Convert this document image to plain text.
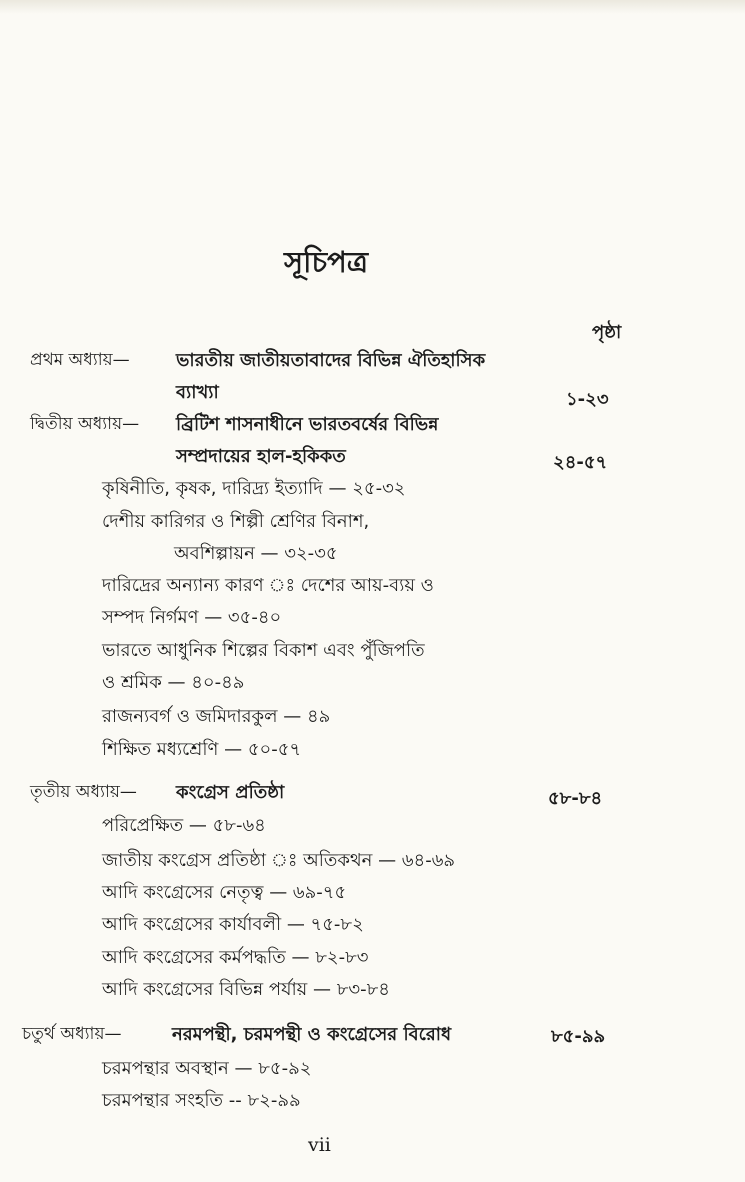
সূচিপত্র
পৃষ্ঠা
প্রথম অধ্যায়—	ভারতীয় জাতীয়তাবাদের বিভিন্ন ঐতিহাসিক
ব্যাখ্যা	১-২৩
দ্বিতীয় অধ্যায়— ব্রিটিশ শাসনাধীনে ভারতবর্ষের বিভিন্ন
সম্প্রদায়ের হাল-হকিকত	২৪-৫৭
কৃষিনীতি, কৃষক, দারিদ্র্য ইত্যাদি — ২৫-৩২
দেশীয় কারিগর ও শিল্পী শ্রেণির বিনাশ,
অবশিল্পায়ন — ৩২-৩৫
দারিদ্রের অন্যান্য কারণ ঃ দেশের আয়-ব্যয় ও
সম্পদ নির্গমণ — ৩৫-৪০
ভারতে আধুনিক শিল্পের বিকাশ এবং পুঁজিপতি
ও শ্রমিক — ৪০-৪৯
রাজন্যবর্গ ও জমিদারকুল — ৪৯
শিক্ষিত মধ্যশ্রেণি — ৫০-৫৭
তৃতীয় অধ্যায়— কংগ্রেস প্রতিষ্ঠা	৫৮-৮৪
পরিপ্রেক্ষিত — ৫৮-৬৪
জাতীয় কংগ্রেস প্রতিষ্ঠা ঃ অতিকথন — ৬৪-৬৯
আদি কংগ্রেসের নেতৃত্ব — ৬৯-৭৫
আদি কংগ্রেসের কার্যাবলী — ৭৫-৮২
আদি কংগ্রেসের কর্মপদ্ধতি — ৮২-৮৩
আদি কংগ্রেসের বিভিন্ন পর্যায় — ৮৩-৮৪
চতুর্থ অধ্যায়—	নরমপন্থী, চরমপন্থী ও কংগ্রেসের বিরোধ	৮৫-৯৯
চরমপন্থার অবস্থান — ৮৫-৯২
চরমপন্থার সংহতি -- ৮২-৯৯
vii
